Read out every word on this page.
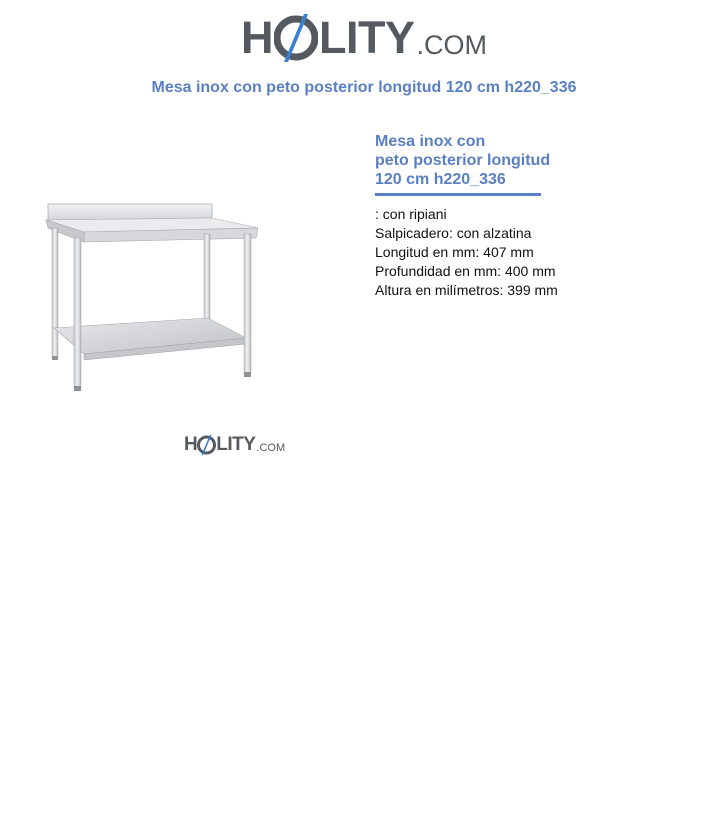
H LITY .COM
Mesa inox con peto posterior longitud 120 cm h220_336
H LITY .COM
Mesa inox con
peto posterior longitud
120 cm h220_336
: con ripiani
Salpicadero: con alzatina
Longitud en mm: 407 mm
Profundidad en mm: 400 mm
Altura en milímetros: 399 mm
